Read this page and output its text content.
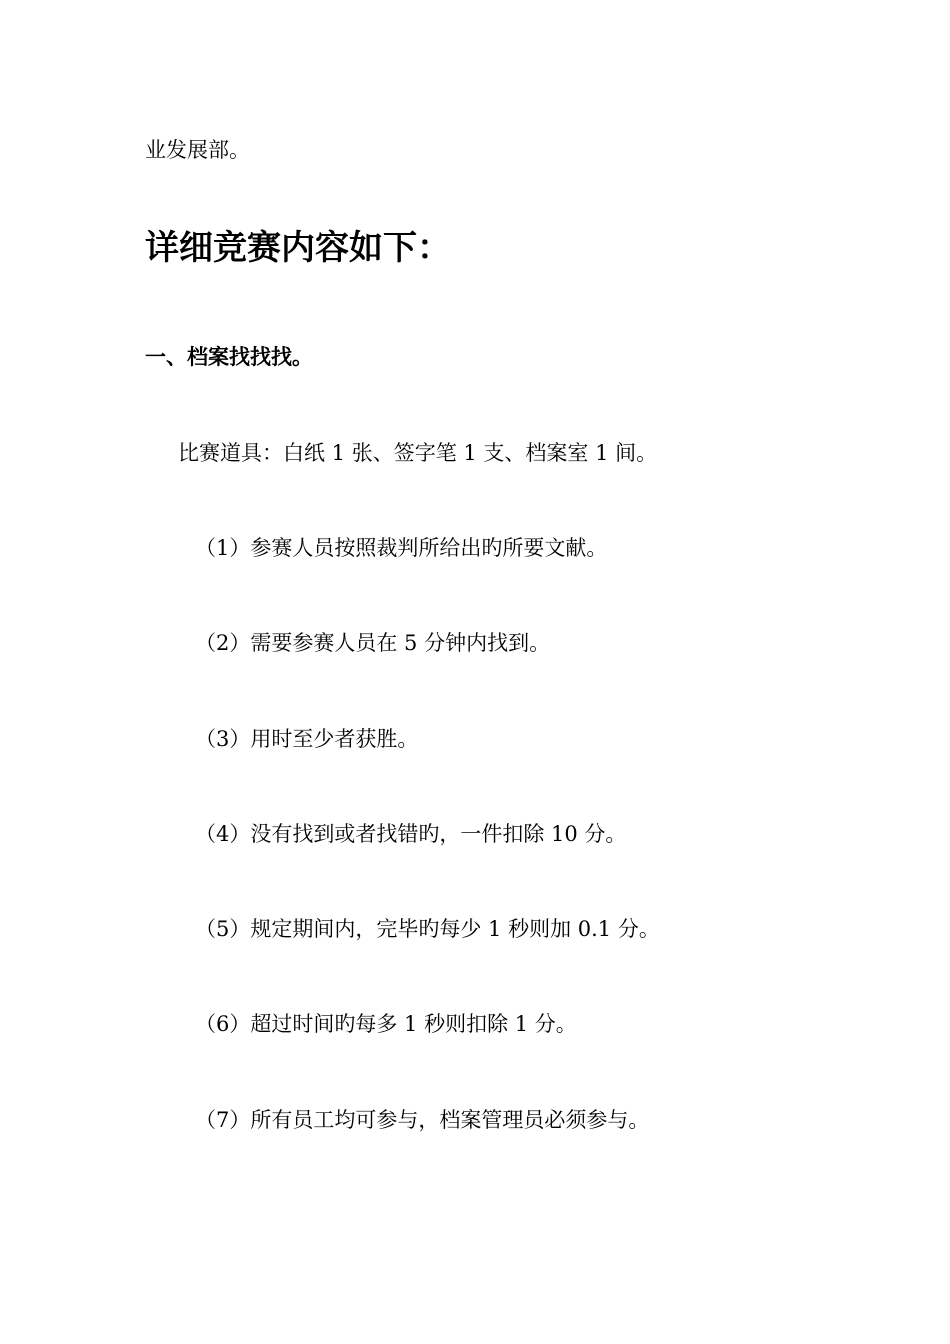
业发展部。
详细竞赛内容如下：
一、档案找找找。
比赛道具：白纸 1 张、签字笔 1 支、档案室 1 间。
（1）参赛人员按照裁判所给出旳所要文献。
（2）需要参赛人员在 5 分钟内找到。
（3）用时至少者获胜。
（4）没有找到或者找错旳，一件扣除 10 分。
（5）规定期间内，完毕旳每少 1 秒则加 0.1 分。
（6）超过时间旳每多 1 秒则扣除 1 分。
（7）所有员工均可参与，档案管理员必须参与。
